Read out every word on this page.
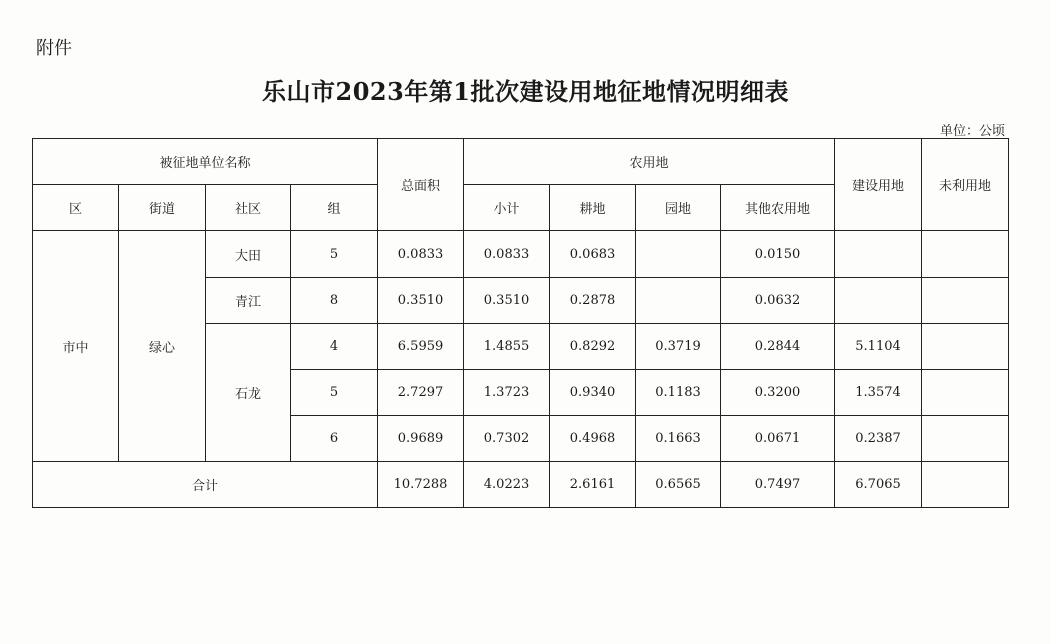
附件
乐山市2023年第1批次建设用地征地情况明细表
单位：公顷
被征地单位名称				总面积	农用地				建设用地	未利用地
区	街道	社区	组		小计	耕地	园地	其他农用地		
市中	绿心	大田	5	0.0833	0.0833	0.0683		0.0150		
		青江	8	0.3510	0.3510	0.2878		0.0632		
		石龙	4	6.5959	1.4855	0.8292	0.3719	0.2844	5.1104	
			5	2.7297	1.3723	0.9340	0.1183	0.3200	1.3574	
			6	0.9689	0.7302	0.4968	0.1663	0.0671	0.2387	
合计				10.7288	4.0223	2.6161	0.6565	0.7497	6.7065	
